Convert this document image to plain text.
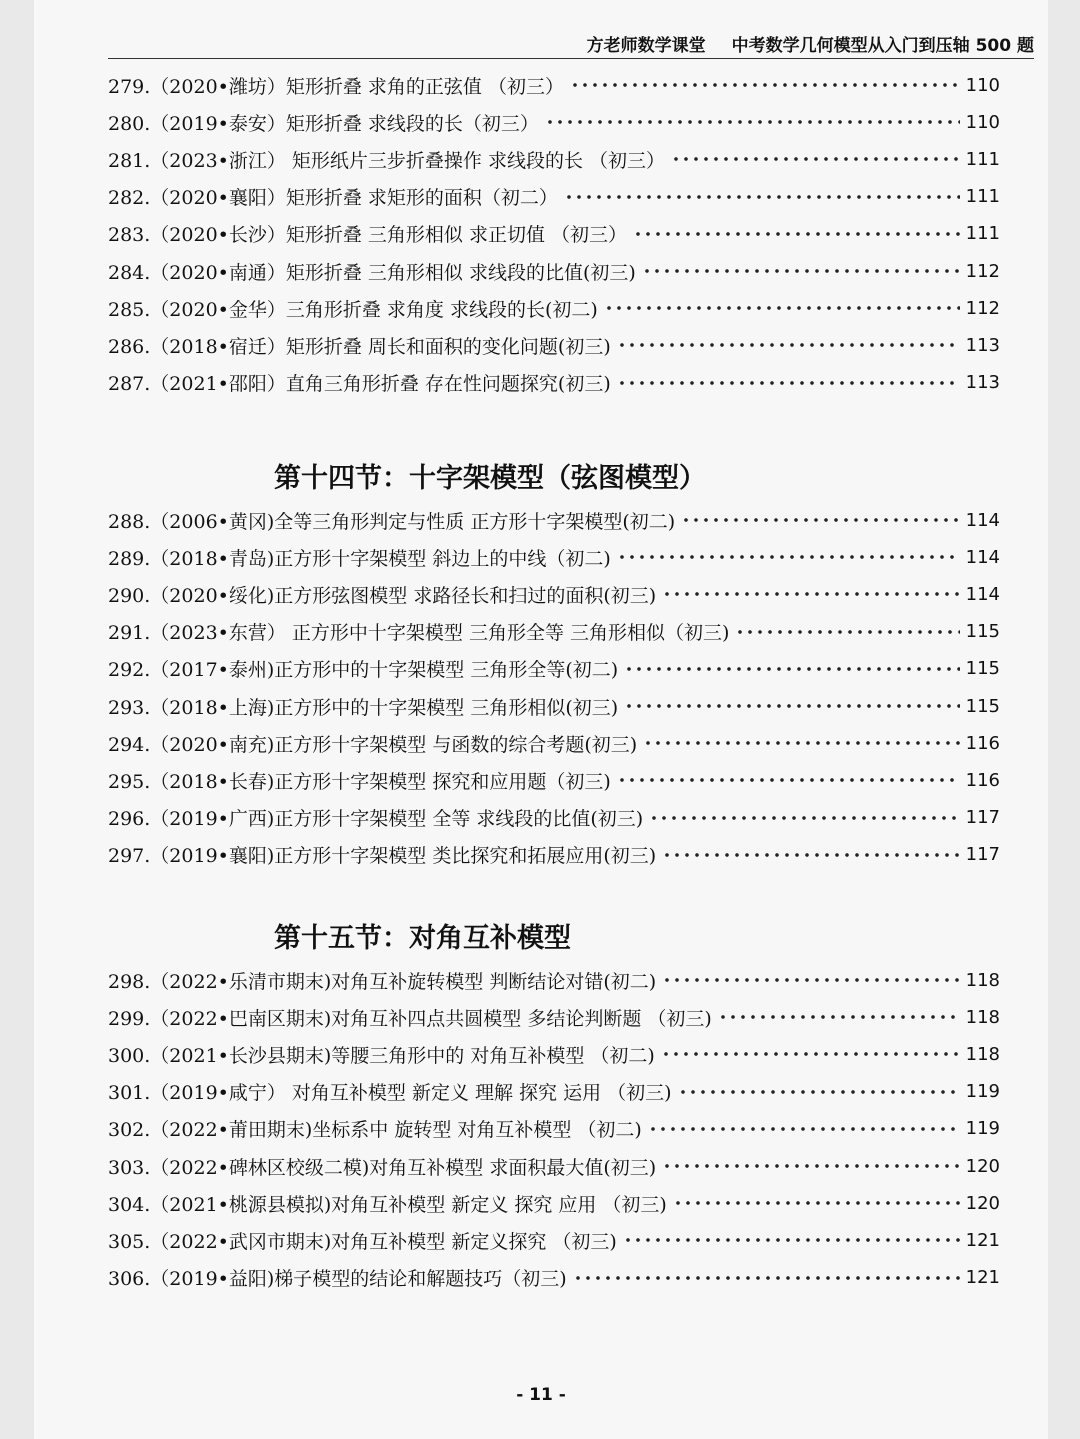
方老师数学课堂 中考数学几何模型从入门到压轴 500 题
279.（2020•潍坊）矩形折叠 求角的正弦值 （初三）	110
280.（2019•泰安）矩形折叠 求线段的长（初三）	110
281.（2023•浙江） 矩形纸片三步折叠操作 求线段的长 （初三）	111
282.（2020•襄阳）矩形折叠 求矩形的面积（初二）	111
283.（2020•长沙）矩形折叠 三角形相似 求正切值 （初三）	111
284.（2020•南通）矩形折叠 三角形相似 求线段的比值(初三)	112
285.（2020•金华）三角形折叠 求角度 求线段的长(初二)	112
286.（2018•宿迁）矩形折叠 周长和面积的变化问题(初三)	113
287.（2021•邵阳）直角三角形折叠 存在性问题探究(初三)	113
第十四节：十字架模型（弦图模型）
288.（2006•黄冈)全等三角形判定与性质 正方形十字架模型(初二)	114
289.（2018•青岛)正方形十字架模型 斜边上的中线（初二)	114
290.（2020•绥化)正方形弦图模型 求路径长和扫过的面积(初三)	114
291.（2023•东营） 正方形中十字架模型 三角形全等 三角形相似（初三)	115
292.（2017•泰州)正方形中的十字架模型 三角形全等(初二)	115
293.（2018•上海)正方形中的十字架模型 三角形相似(初三)	115
294.（2020•南充)正方形十字架模型 与函数的综合考题(初三)	116
295.（2018•长春)正方形十字架模型 探究和应用题（初三)	116
296.（2019•广西)正方形十字架模型 全等 求线段的比值(初三)	117
297.（2019•襄阳)正方形十字架模型 类比探究和拓展应用(初三)	117
第十五节：对角互补模型
298.（2022•乐清市期末)对角互补旋转模型 判断结论对错(初二)	118
299.（2022•巴南区期末)对角互补四点共圆模型 多结论判断题 （初三)	118
300.（2021•长沙县期末)等腰三角形中的 对角互补模型 （初二)	118
301.（2019•咸宁） 对角互补模型 新定义 理解 探究 运用 （初三)	119
302.（2022•莆田期末)坐标系中 旋转型 对角互补模型 （初二)	119
303.（2022•碑林区校级二模)对角互补模型 求面积最大值(初三)	120
304.（2021•桃源县模拟)对角互补模型 新定义 探究 应用 （初三)	120
305.（2022•武冈市期末)对角互补模型 新定义探究 （初三)	121
306.（2019•益阳)梯子模型的结论和解题技巧（初三)	121
- 11 -
